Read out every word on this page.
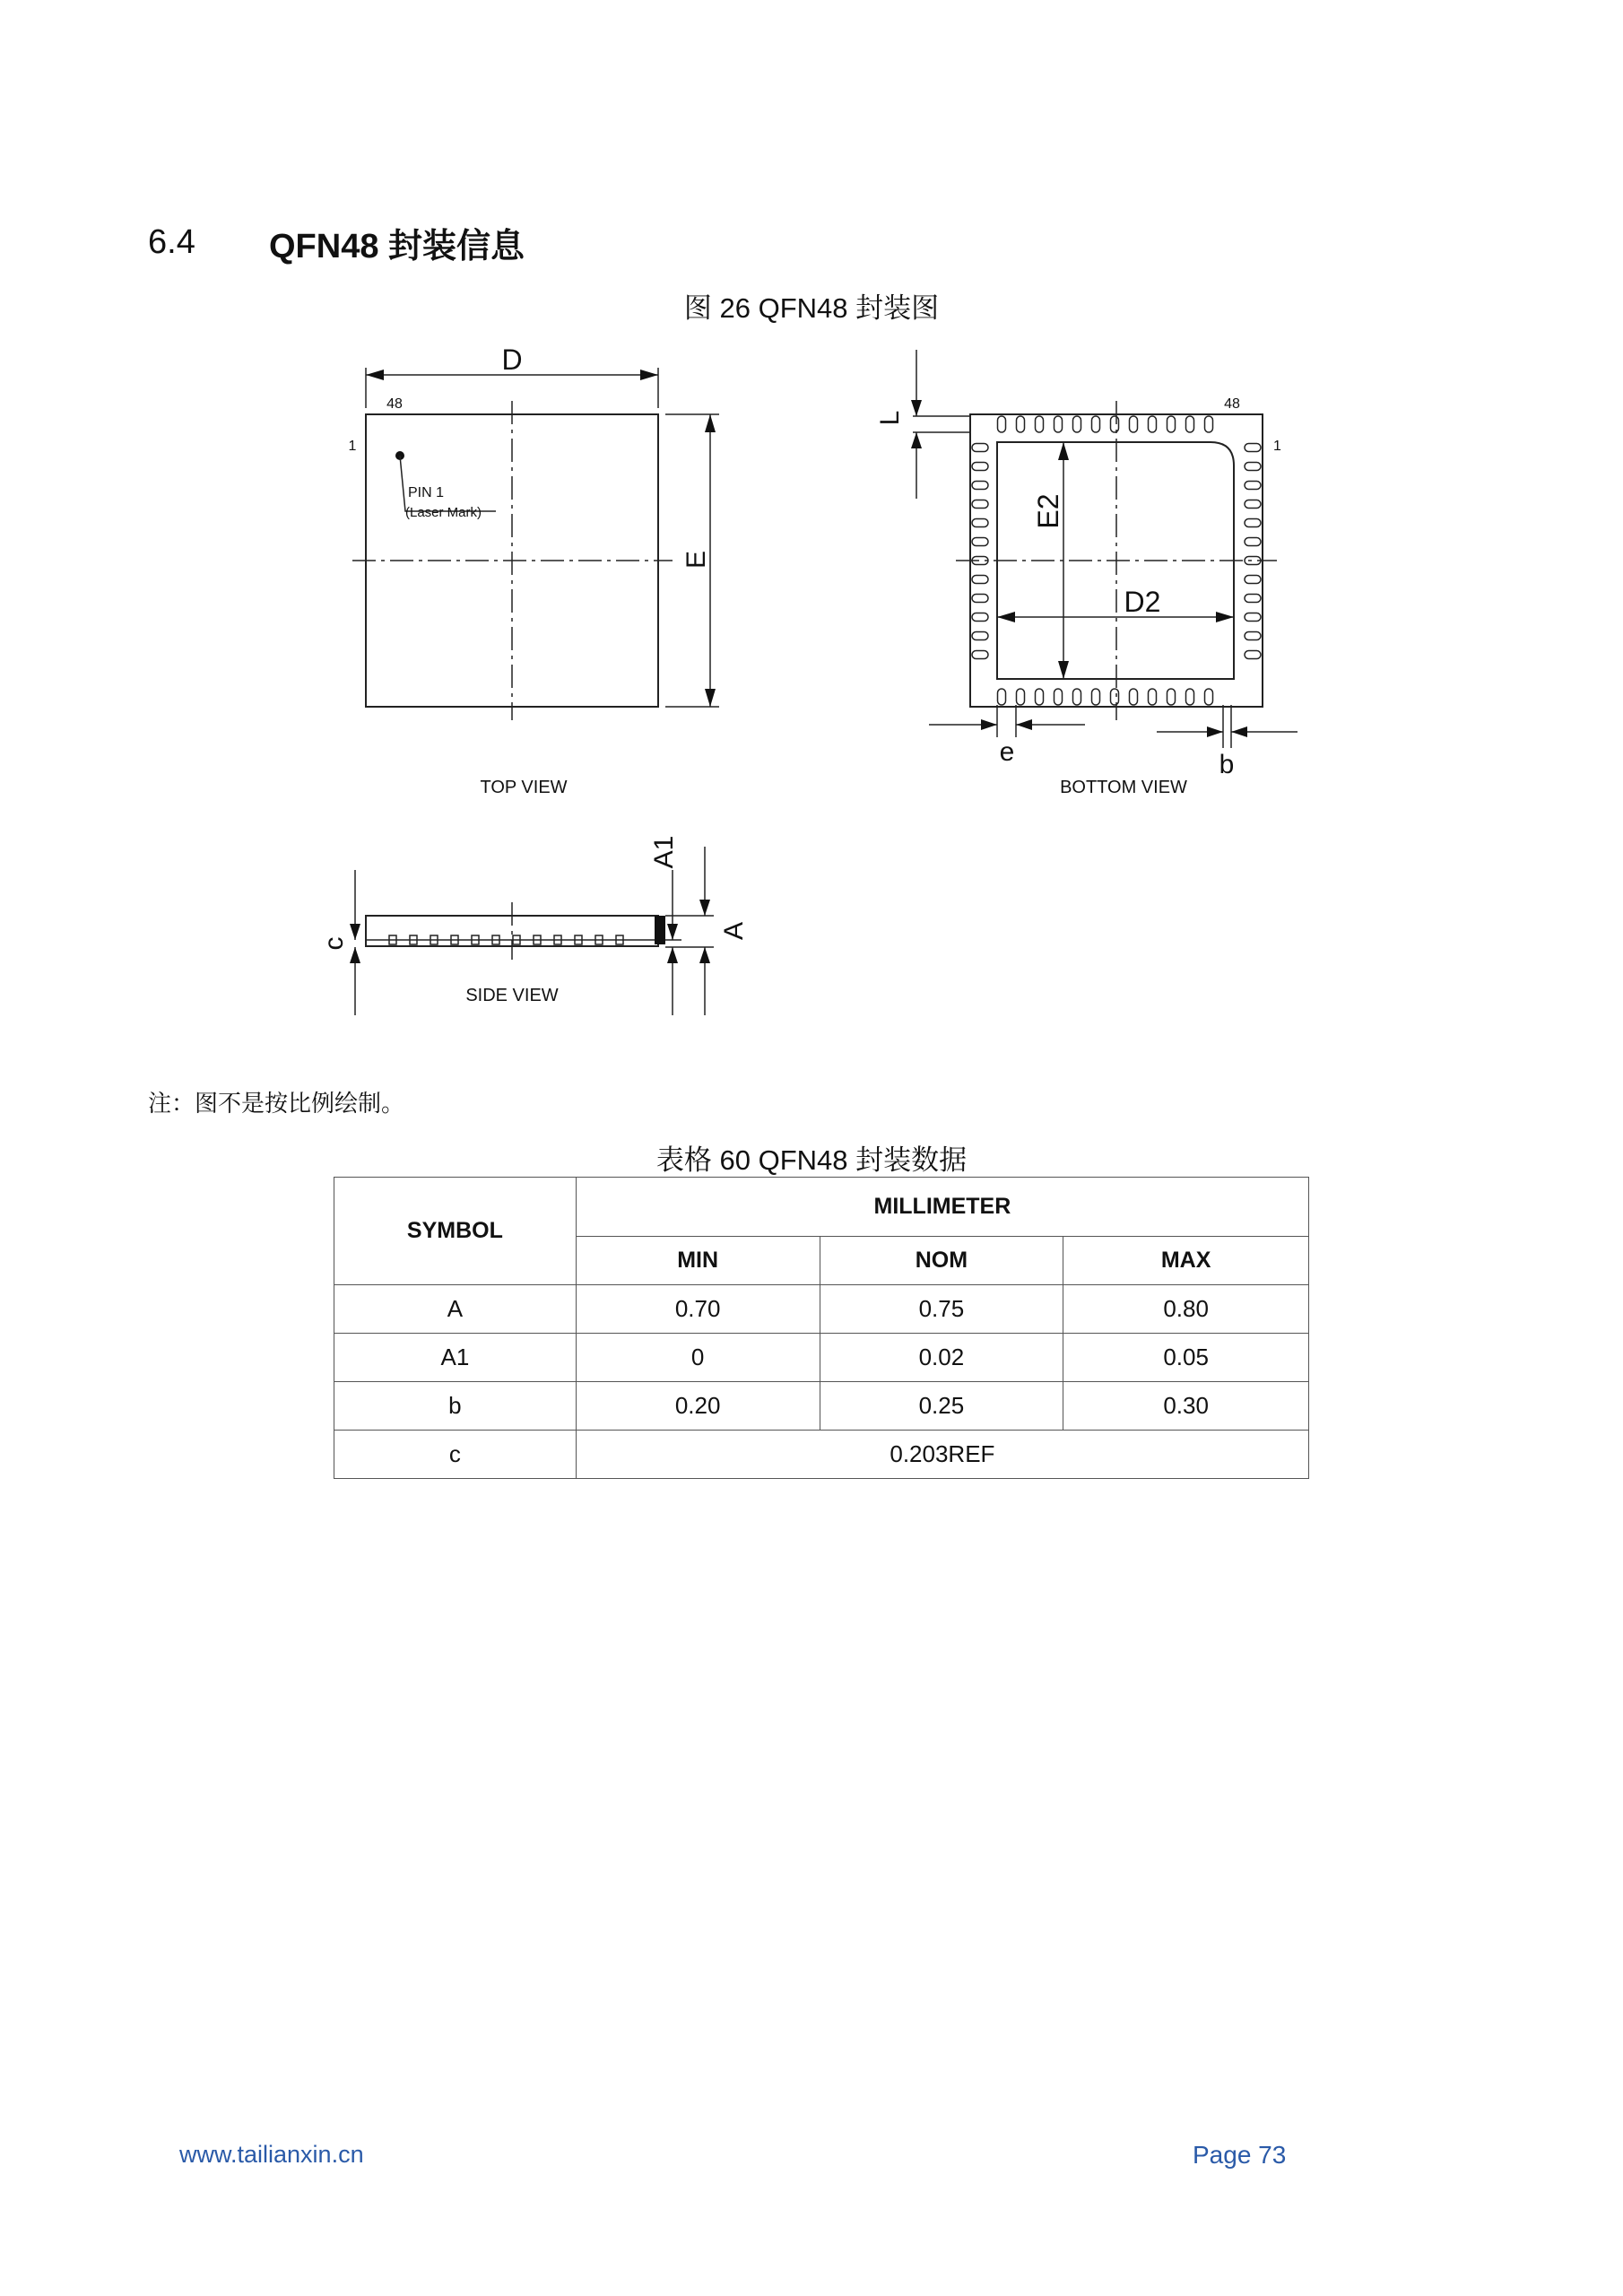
6.4	QFN48 封装信息
图 26 QFN48 封装图
D
E
48
1
PIN 1
(Laser Mark)
TOP VIEW
48
1
L
E2
D2
e	b
BOTTOM VIEW
c
A1
A
SIDE VIEW
注：图不是按比例绘制。
表格 60 QFN48 封装数据
SYMBOL	MILLIMETER		
	MIN	NOM	MAX
A	0.70	0.75	0.80
A1	0	0.02	0.05
b	0.20	0.25	0.30
c	0.203REF		
www.tailianxin.cn	Page 73
